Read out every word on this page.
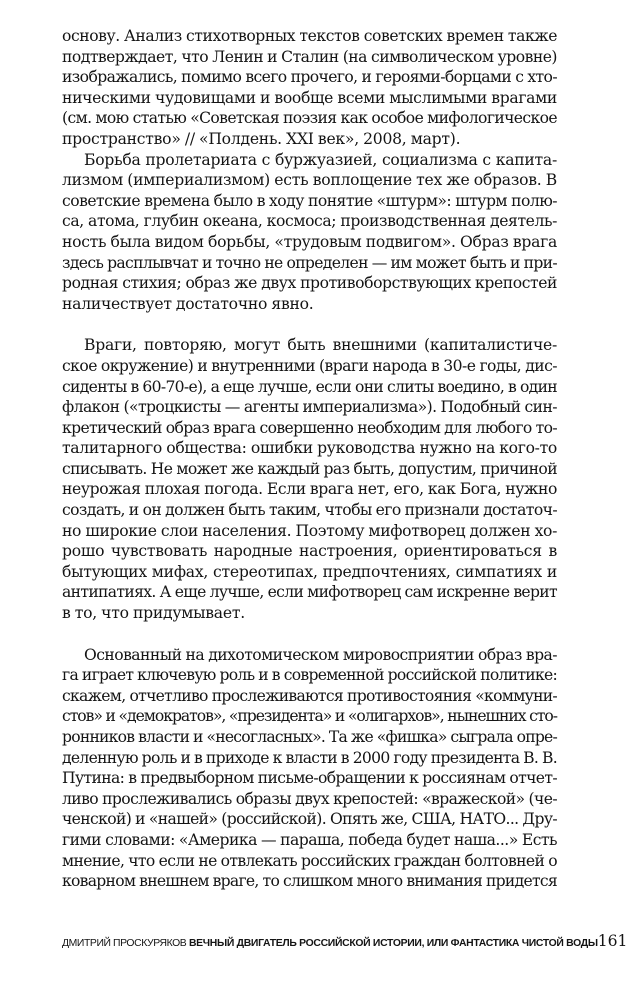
основу. Анализ стихотворных текстов советских времен также
подтверждает, что Ленин и Сталин (на символическом уровне)
изображались, помимо всего прочего, и героями-борцами с хто-
ническими чудовищами и вообще всеми мыслимыми врагами
(см. мою статью «Советская поэзия как особое мифологическое
пространство» // «Полдень. XXI век», 2008, март).

Борьба пролетариата с буржуазией, социализма с капита-
лизмом (империализмом) есть воплощение тех же образов. В
советские времена было в ходу понятие «штурм»: штурм полю-
са, атома, глубин океана, космоса; производственная деятель-
ность была видом борьбы, «трудовым подвигом». Образ врага
здесь расплывчат и точно не определен — им может быть и при-
родная стихия; образ же двух противоборствующих крепостей
наличествует достаточно явно.

Враги, повторяю, могут быть внешними (капиталистиче-
ское окружение) и внутренними (враги народа в 30-е годы, дис-
сиденты в 60-70-е), а еще лучше, если они слиты воедино, в один
флакон («троцкисты — агенты империализма»). Подобный син-
кретический образ врага совершенно необходим для любого то-
талитарного общества: ошибки руководства нужно на кого-то
списывать. Не может же каждый раз быть, допустим, причиной
неурожая плохая погода. Если врага нет, его, как Бога, нужно
создать, и он должен быть таким, чтобы его признали достаточ-
но широкие слои населения. Поэтому мифотворец должен хо-
рошо чувствовать народные настроения, ориентироваться в
бытующих мифах, стереотипах, предпочтениях, симпатиях и
антипатиях. А еще лучше, если мифотворец сам искренне верит
в то, что придумывает.

Основанный на дихотомическом мировосприятии образ вра-
га играет ключевую роль и в современной российской политике:
скажем, отчетливо прослеживаются противостояния «коммуни-
стов» и «демократов», «президента» и «олигархов», нынешних сто-
ронников власти и «несогласных». Та же «фишка» сыграла опре-
деленную роль и в приходе к власти в 2000 году президента В. В.
Путина: в предвыборном письме-обращении к россиянам отчет-
ливо прослеживались образы двух крепостей: «вражеской» (че-
ченской) и «нашей» (российской). Опять же, США, НАТО... Дру-
гими словами: «Америка — параша, победа будет наша...» Есть
мнение, что если не отвлекать российских граждан болтовней о
коварном внешнем враге, то слишком много внимания придется

ДМИТРИЙ ПРОСКУРЯКОВ ВЕЧНЫЙ ДВИГАТЕЛЬ РОССИЙСКОЙ ИСТОРИИ, ИЛИ ФАНТАСТИКА ЧИСТОЙ ВОДЫ 161
